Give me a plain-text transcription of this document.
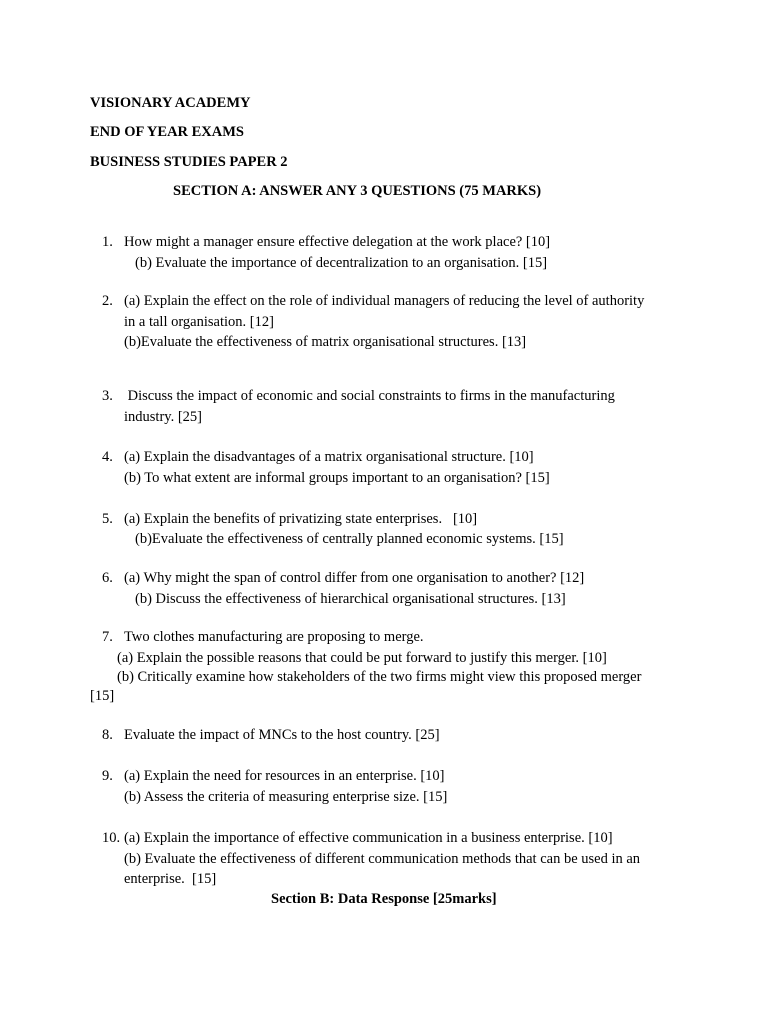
VISIONARY ACADEMY
END OF YEAR EXAMS
BUSINESS STUDIES PAPER 2
SECTION A: ANSWER ANY 3 QUESTIONS (75 MARKS)
1. How might a manager ensure effective delegation at the work place? [10]
(b) Evaluate the importance of decentralization to an organisation. [15]
2. (a) Explain the effect on the role of individual managers of reducing the level of authority
in a tall organisation. [12]
(b)Evaluate the effectiveness of matrix organisational structures. [13]
3. Discuss the impact of economic and social constraints to firms in the manufacturing
industry. [25]
4. (a) Explain the disadvantages of a matrix organisational structure. [10]
(b) To what extent are informal groups important to an organisation? [15]
5. (a) Explain the benefits of privatizing state enterprises.   [10]
(b)Evaluate the effectiveness of centrally planned economic systems. [15]
6. (a) Why might the span of control differ from one organisation to another? [12]
(b) Discuss the effectiveness of hierarchical organisational structures. [13]
7. Two clothes manufacturing are proposing to merge.
(a) Explain the possible reasons that could be put forward to justify this merger. [10]
(b) Critically examine how stakeholders of the two firms might view this proposed merger
[15]
8. Evaluate the impact of MNCs to the host country. [25]
9. (a) Explain the need for resources in an enterprise. [10]
(b) Assess the criteria of measuring enterprise size. [15]
10. (a) Explain the importance of effective communication in a business enterprise. [10]
(b) Evaluate the effectiveness of different communication methods that can be used in an
enterprise.  [15]
Section B: Data Response [25marks]
